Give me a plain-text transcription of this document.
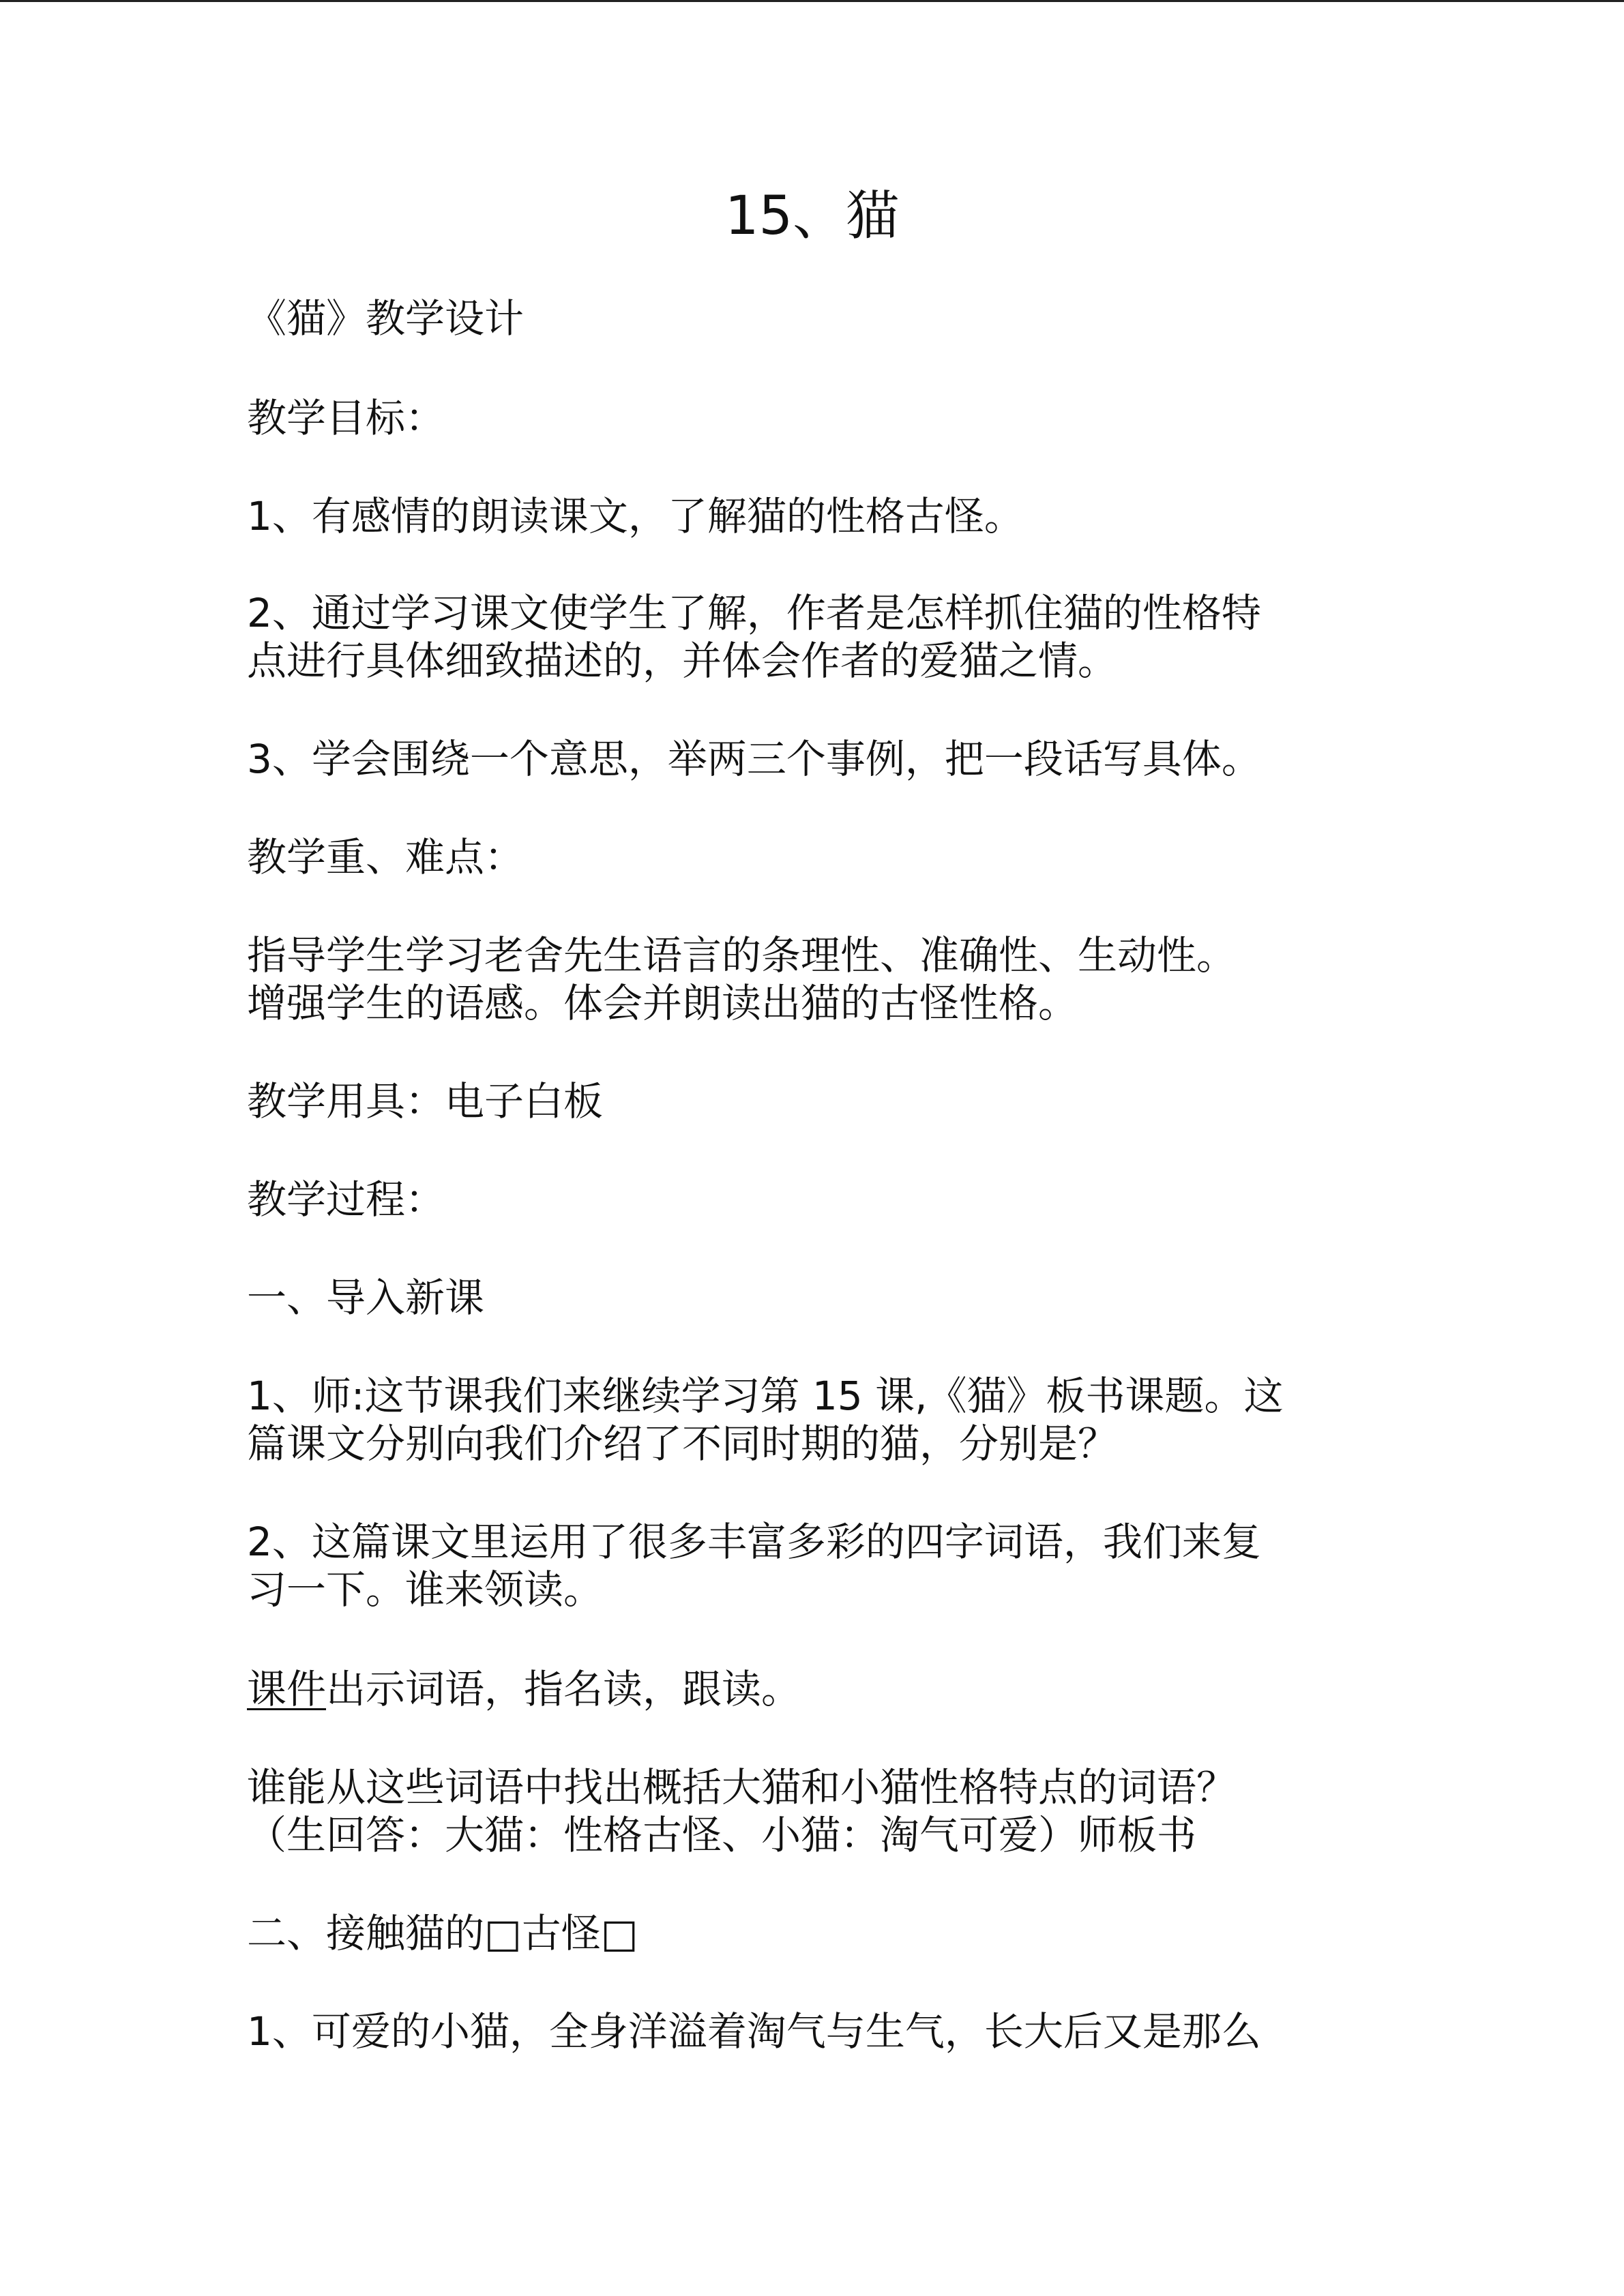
15、猫

《猫》教学设计

教学目标：

1、有感情的朗读课文，了解猫的性格古怪。

2、通过学习课文使学生了解，作者是怎样抓住猫的性格特

点进行具体细致描述的，并体会作者的爱猫之情。

3、学会围绕一个意思，举两三个事例，把一段话写具体。

教学重、难点：

指导学生学习老舍先生语言的条理性、准确性、生动性。

增强学生的语感。体会并朗读出猫的古怪性格。

教学用具：电子白板

教学过程：

一、导入新课

1、师:这节课我们来继续学习第 15 课,《猫》板书课题。这

篇课文分别向我们介绍了不同时期的猫，分别是？

2、这篇课文里运用了很多丰富多彩的四字词语，我们来复

习一下。谁来领读。

课件出示词语，指名读，跟读。

谁能从这些词语中找出概括大猫和小猫性格特点的词语？

（生回答：大猫：性格古怪、小猫：淘气可爱）师板书

二、接触猫的□古怪□

1、可爱的小猫，全身洋溢着淘气与生气，长大后又是那么
